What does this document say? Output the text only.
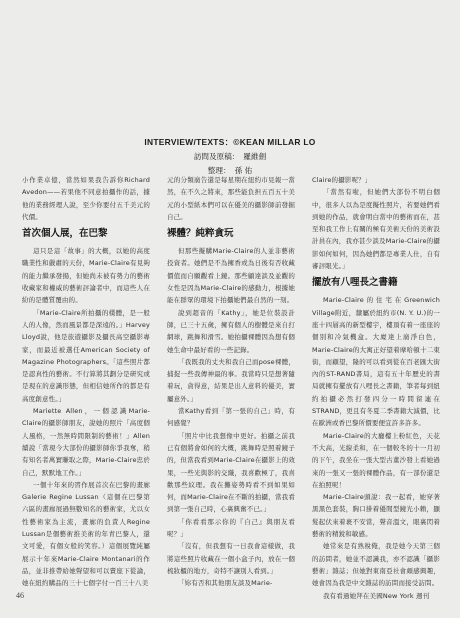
INTERVIEW/TEXTS：©KEAN MILLAR LO
訪問及原稿： 羅維劍
整理： 孫 佑

小作業卓億，當然如果我告訴你Richard Avedon——若果他不同意拍攝作的話，據他的業務經理人說，至少你要付五千美元的代價。

首次個人展，在巴黎

這只是這「故事」的大概，以她的高度職業性和嚴肅的天份，Marie-Claire有見夠的能力繼承發揚，但她尚未被有勢力的藝術收藏家和權威的藝術評論者中，而這些人在紛的是體質覆由的。

「Marie-Claire所拍攝的樸體，是一般人的人像，然而風景都是深遠的。」Harvey Lloyd說，他是旅遊攝影及攝長高空攝影專家，而最近被選任American Society of Magazine Photographers。「這些照片都是認真性的藝術。不行算將其劃分是研究或是現在的意識形態，但相信她所作的都是有高度創意性。」

Mariette Allen，一個認識Marie-Claire的攝影師朋友，說她的照片「高度個人風格，一然無時間限制的藝術！」Allen續說「當現今大部份的攝影師你爭我奪，稍有知名者萬實賺取之際，Marie-Claire忠於自己，默默地工作。」

一個十年來的習作展首次在巴黎的畫廊Galerie Regine Lussan（這個在巴黎第六區的畫廊展過無數知名的藝術家，尤以女性藝術家為主流，畫廊的負責人Regine Lussan是個藝術推美術的年青巴黎人，還文可愛，有個女般的笑容。）這個展覽純屬展示十年來Marie-Claire Montanari的作品，並非推帶給她聲望和可以賣座下從論，她在紐約購品的三十七個字付一百三十八美

元的分類廣告還是每星期在紐約市見報一當然，在不久之將來，那些能負担五百五十美元的小型紙本們可以在優美的攝影師前發掘自己。

裸體？純粹貪玩

但那些擬購Marie-Claire的人並非藝術投資者。她們是不為擁香或為日後有否收藏價值而自願觀看上鏡。那些顧達談及並觀的女性是因為Marie-Claire的感動力，根據她能在群眾的環境下拍攝她們最自然的一刻。

說到超音的「Kathy」，她是位裝設計師，已三十五歲，擁有個人的樹體是來自打網球，跳舞和滑雪。她拍攝裸體因為想有個她生命中最好看的一些記錄。

「我既我的丈夫和我自己而pose裸體，捕捉一些我傳神最的事。我當時只是想著隨着玩，貪得意，結果是出人意料的優美，實屬意外。」

當Kathy看到「第一張的自己」時，有何感覺？

「照片中比我想像中更好。拍攝之前我已有個將會如何的大概，跳舞時是照着鏡子的，但當我看到Marie-Claire在攝影上的效果，一些光與影的交織，我喜歡極了，我喜歡那些紋理。我在攤姿勢時看不到如果如何，而Marie-Claire在不斷的拍攝，當我看到第一張自己時，心裏興奮不已。」

「你看看那示你的『自己』與朋友看呢？」

「沒有，但我想有一日我會這樣做，我將這些照片收藏在一個小盒子內，放在一個梳妝櫃的地方，奇特不讓別人看到。」

「妳有否和其他朋友談及Marie-

Claire的攝影呢？」

「當然有啦，但她們大部份不明白個中，很多人以為是度擬性照片，若要她們看到她的作品，就會明白當中的藝術而在，甚至和我工作上有關的極有美術天份的美術設計員在內，我亦甚少談及Marie-Claire的攝影如何如何，因為她們都是專業人仕，自有審評眼光。」

擺放有八哩長之書籍

Marie-Claire的住宅在Greenwich Village附近，隸屬於紐約市(N. Y. U.)的一座十四層高的新型樓宇，樓頂有着一座座的個別和冷氣機盒。大廈達上廣淨白色，Marie-Claire的大寓正好望着摩哈頓十二東街，而顧望，隆的可以看到從在百老匯大街內的ST-RAND書局，這有五十年歷史的書局就擁有擺放有八哩長之書籍，筆者每到紐約拍攝必然打發四分一時間留連在STRAND，更且有冬夏二季書籍大減價，比在歐洲或香巴黎所價要便宜許多許多。

Marie-Claire的大廳樓上粉紅色，天花不大高，光線柔和，在一個較冬的十一月初的下午，我坐在一張大型古董沙發上看她過來的一張又一張的裸體作品，有一部份還是在拍照呢！

Marie-Claire頭說：我一起看，她穿著黑黑色套裝，胸口掛着優閒型鏡光小賴，顯髮起伏來着裹不安當，聲音溫文，眼裏閃着藝術的精銳和敏感。

她常來是有熟稅俺，我是她今天第三個的訪問者，她並不認識我，亦不認識「攝影藝術」雜誌；但她對東南亞社會頗感興趣，她會因為我是中文雜誌的訪問而接受訪問。

我有看過她拜在美國New York 週刊

46
